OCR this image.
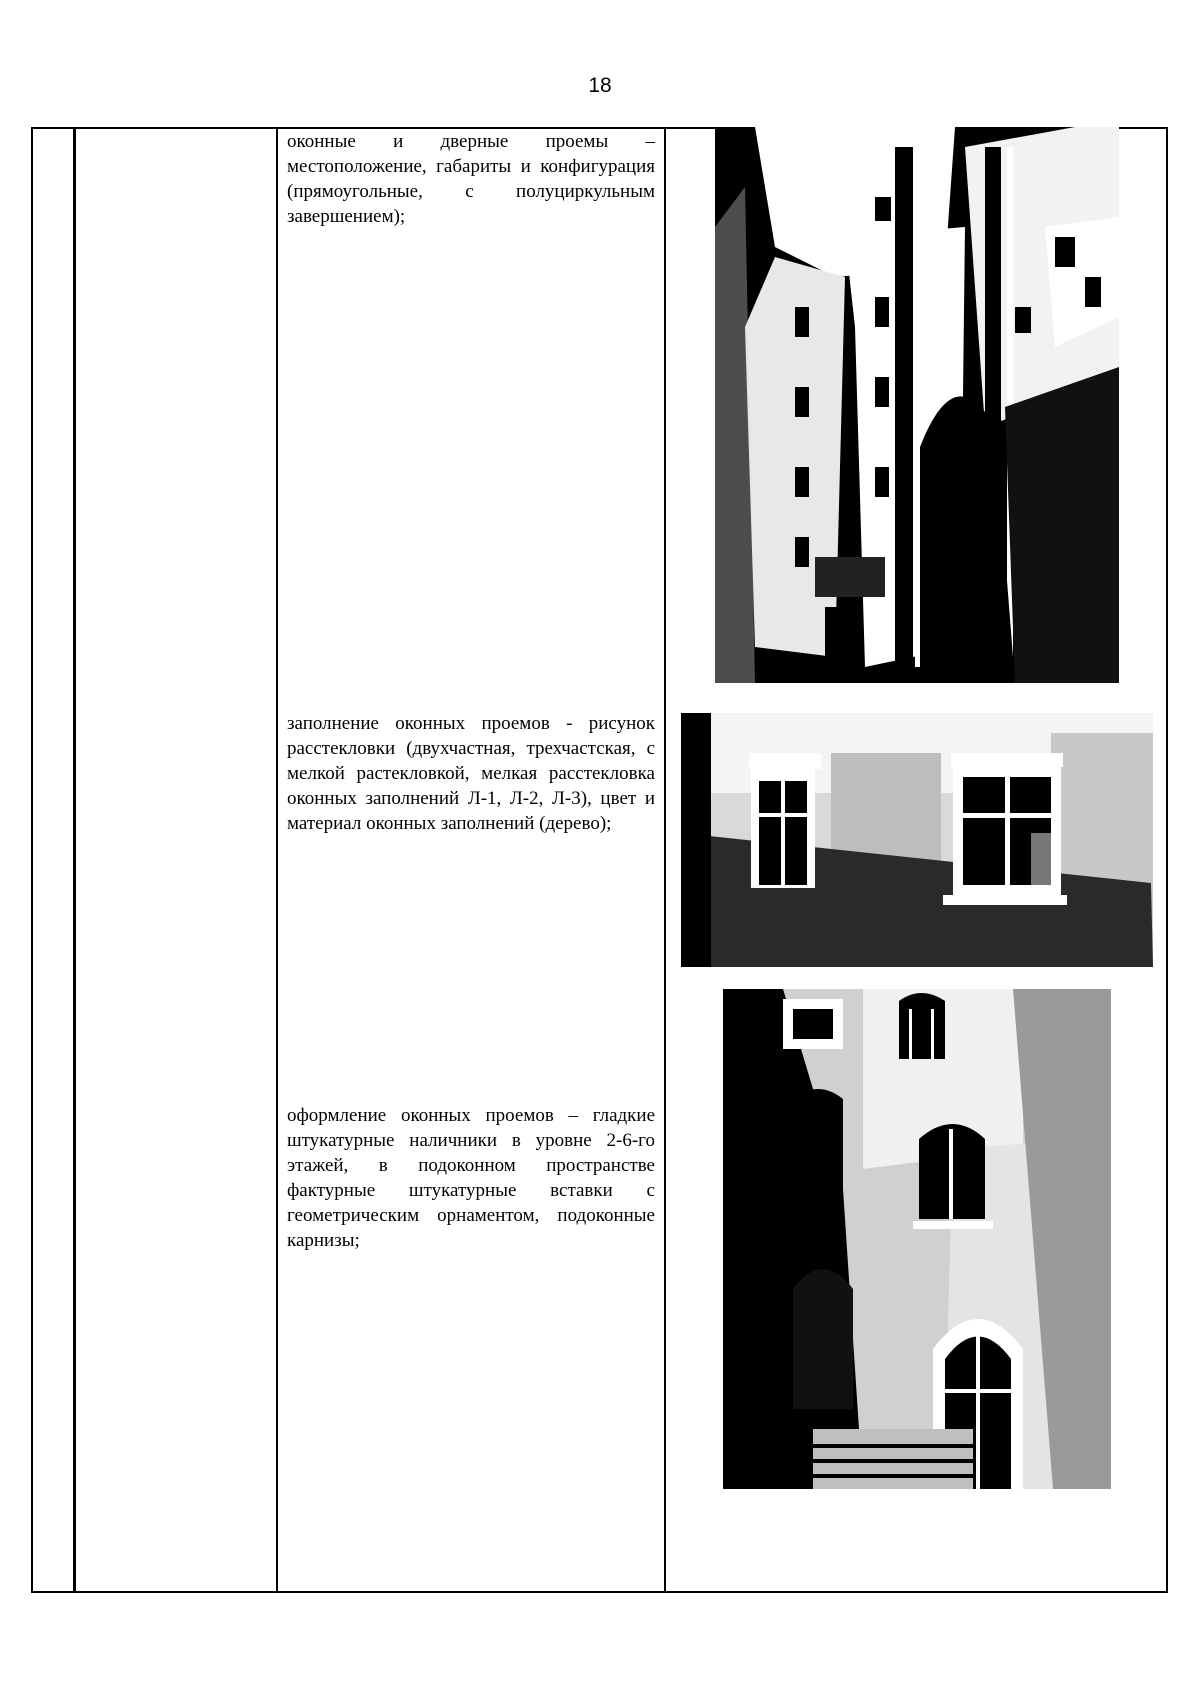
18
оконные и дверные проемы – местоположение, габариты и конфигурация (прямоугольные, с полуциркульным завершением);
заполнение оконных проемов - рисунок расстекловки (двухчастная, трехчастская, с мелкой растекловкой, мелкая расстекловка оконных заполнений Л-1, Л-2, Л-3), цвет и материал оконных заполнений (дерево);
оформление оконных проемов – гладкие штукатурные наличники в уровне 2-6-го этажей, в подоконном пространстве фактурные штукатурные вставки с геометрическим орнаментом, подоконные карнизы;
